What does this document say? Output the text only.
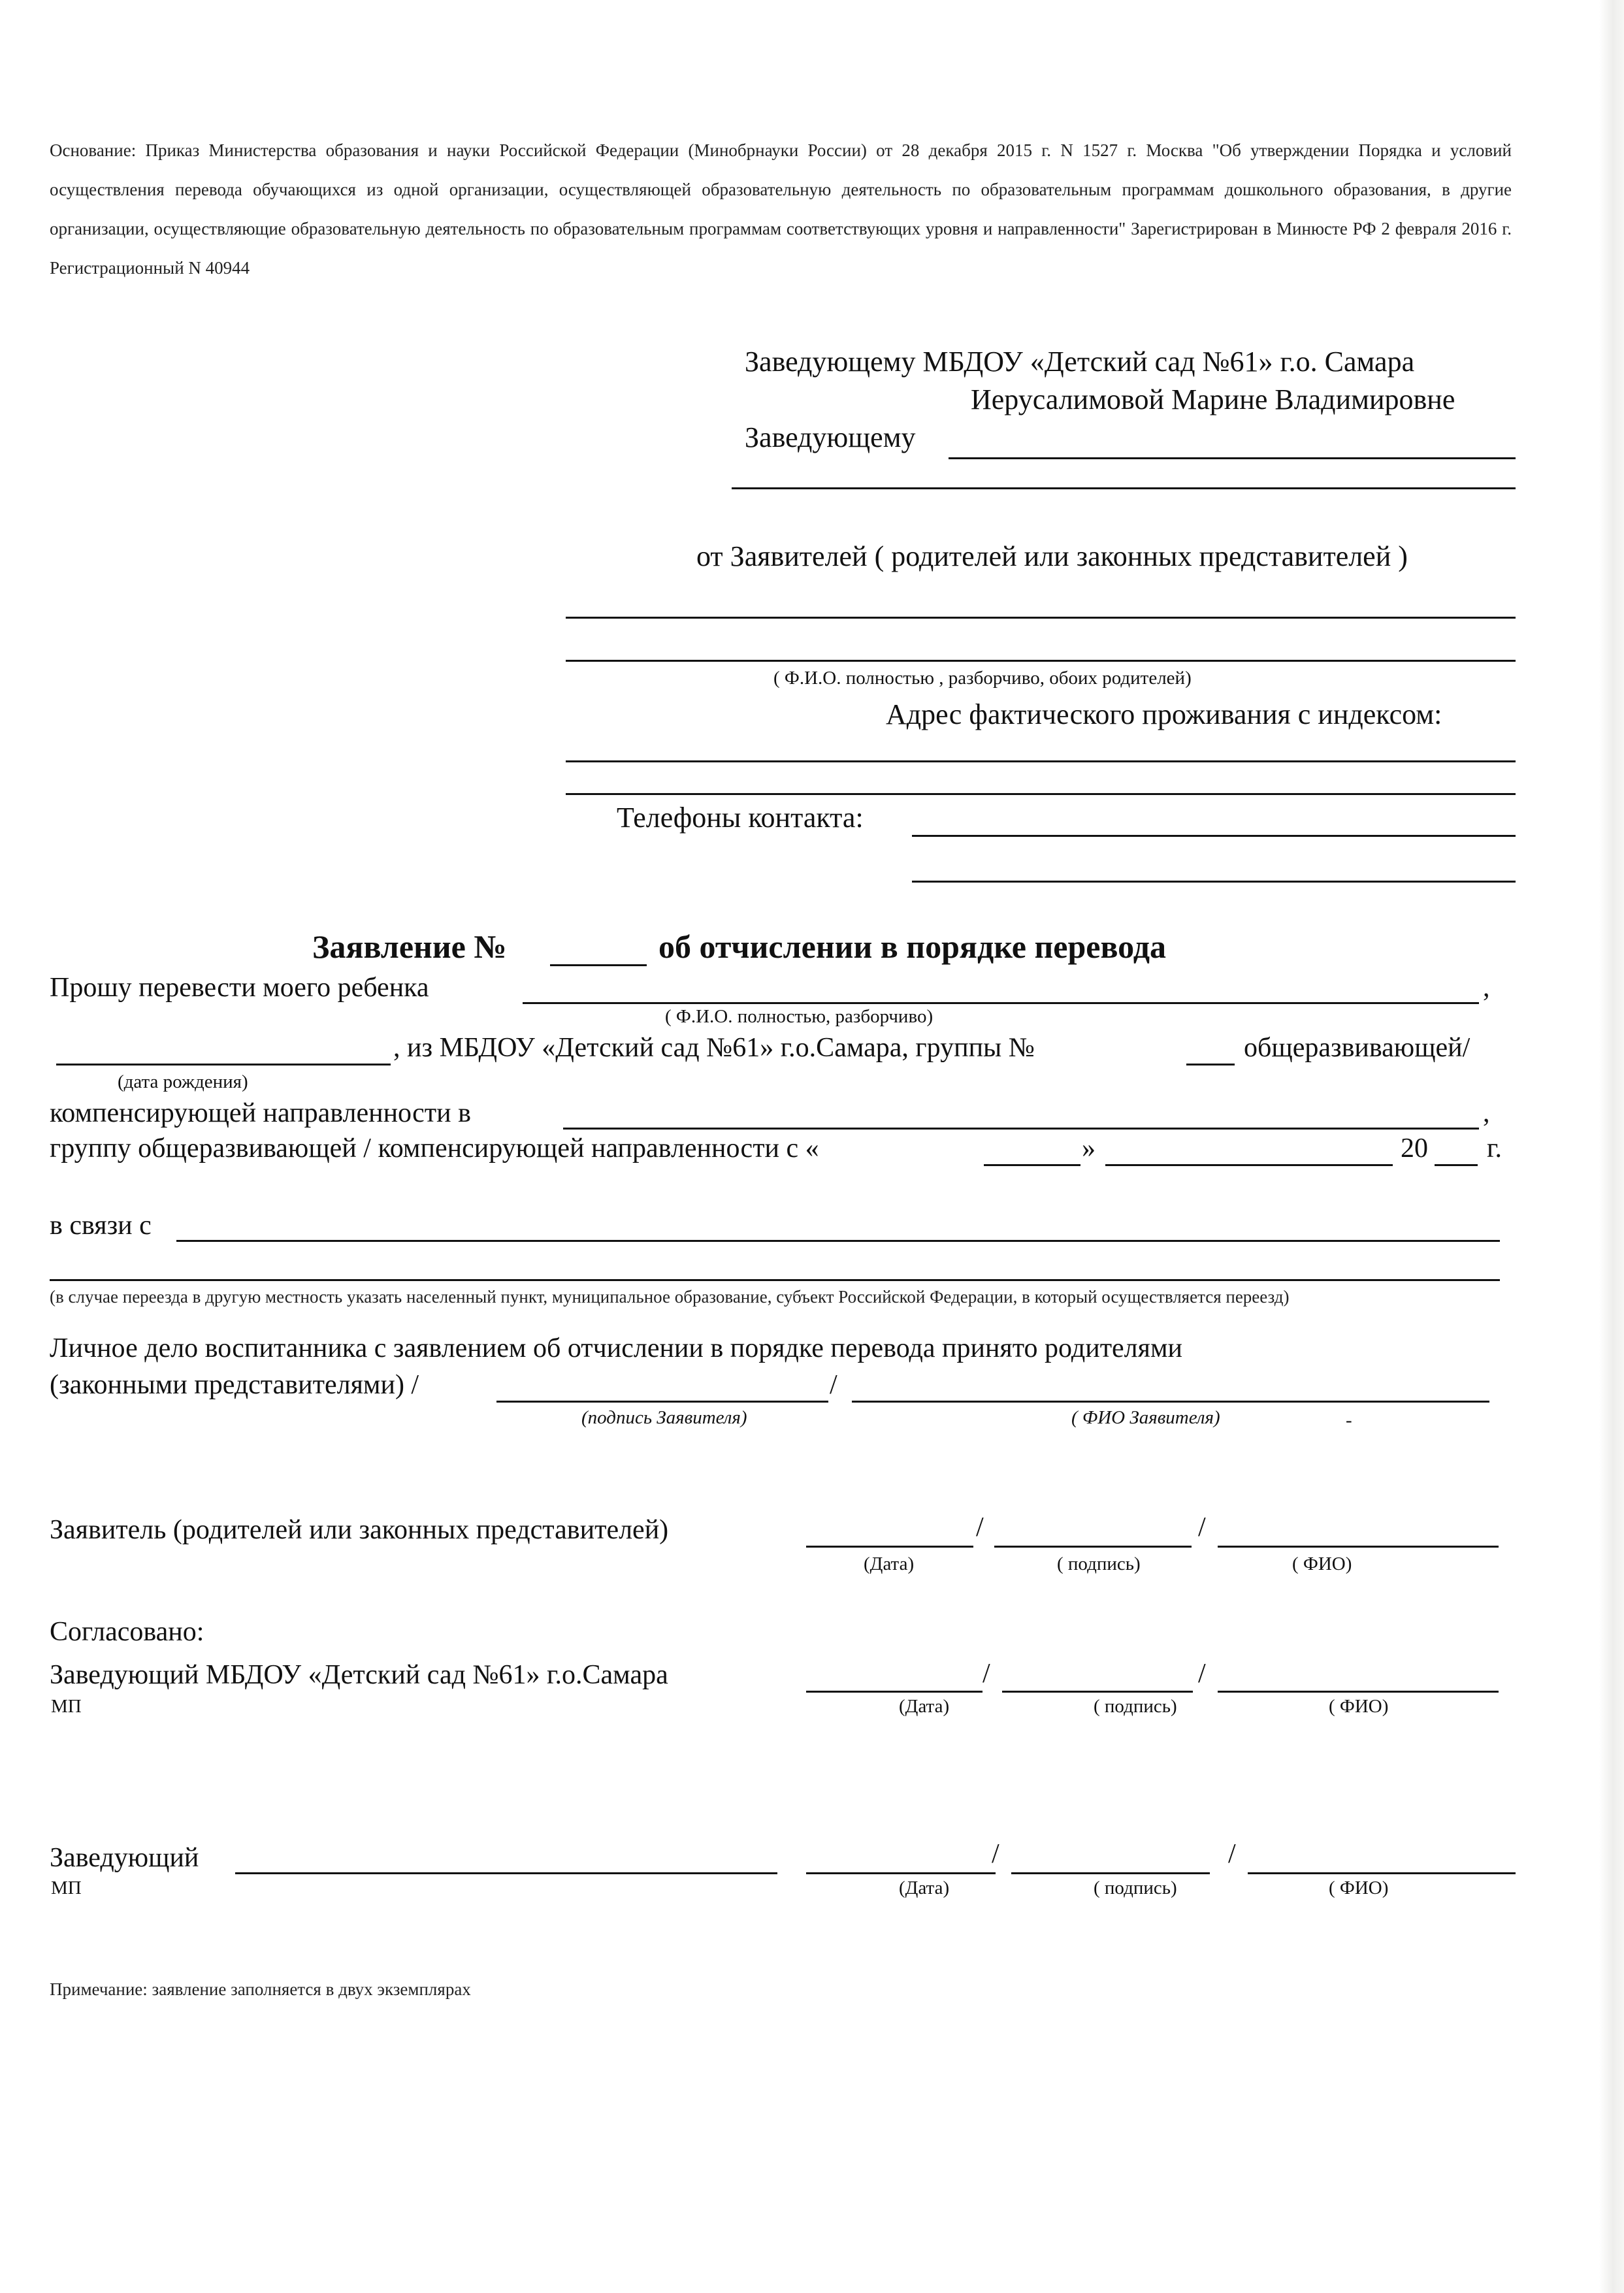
Основание: Приказ Министерства образования и науки Российской Федерации (Минобрнауки России) от 28 декабря 2015 г. N 1527 г. Москва "Об утверждении Порядка и условий осуществления перевода обучающихся из одной организации, осуществляющей образовательную деятельность по образовательным программам дошкольного образования, в другие организации, осуществляющие образовательную деятельность по образовательным программам соответствующих уровня и направленности" Зарегистрирован в Минюсте РФ 2 февраля 2016 г. Регистрационный N 40944
Заведующему МБДОУ «Детский сад №61» г.о. Самара
Иерусалимовой Марине Владимировне
Заведующему
от Заявителей ( родителей или законных представителей )
( Ф.И.О. полностью , разборчиво, обоих родителей)
Адрес фактического проживания с индексом:
Телефоны контакта:
Заявление №	об отчислении в порядке перевода
Прошу перевести моего ребенка	,
( Ф.И.О. полностью, разборчиво)
, из МБДОУ «Детский сад №61» г.о.Самара, группы №	общеразвивающей/
(дата рождения)
компенсирующей направленности в	,
группу общеразвивающей / компенсирующей направленности с «	»	20 г.
в связи с
(в случае переезда в другую местность указать населенный пункт, муниципальное образование, субъект Российской Федерации, в который осуществляется переезд)
Личное дело воспитанника с заявлением об отчислении в порядке перевода принято родителями
(законными представителями) /	/
(подпись Заявителя)	( ФИО Заявителя)	-
Заявитель (родителей или законных представителей)	/	/
(Дата)	( подпись)	( ФИО)
Согласовано:
Заведующий МБДОУ «Детский сад №61» г.о.Самара	/	/
МП	(Дата)	( подпись)	( ФИО)
Заведующий	/	/
МП	(Дата)	( подпись)	( ФИО)
Примечание: заявление заполняется в двух экземплярах
